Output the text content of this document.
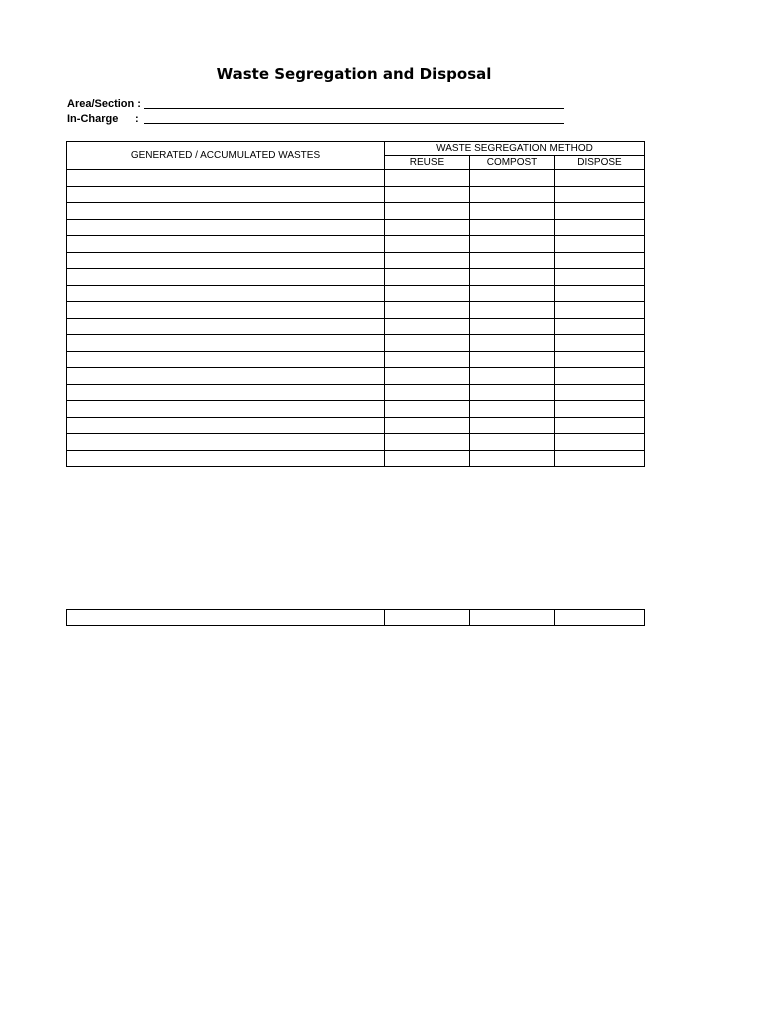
Waste Segregation and Disposal
Area/Section :
In-Charge :
GENERATED / ACCUMULATED WASTES	WASTE SEGREGATION METHOD		
	REUSE	COMPOST	DISPOSE
